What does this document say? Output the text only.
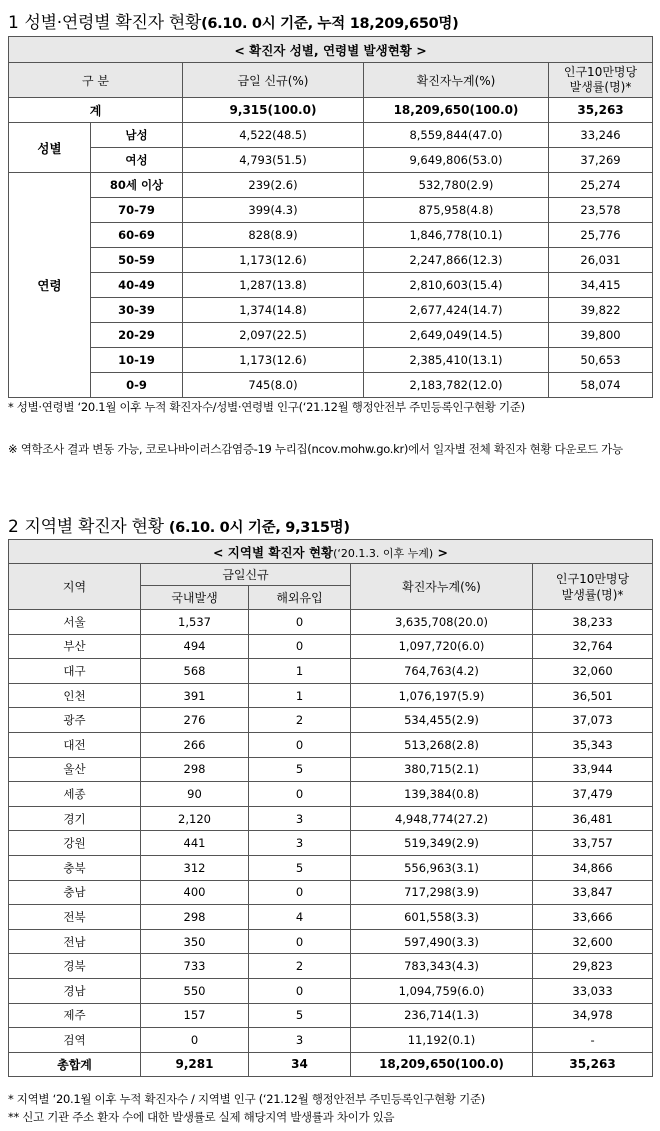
1 성별·연령별 확진자 현황(6.10. 0시 기준, 누적 18,209,650명)
< 확진자 성별, 연령별 발생현황 >				
구 분		금일 신규(%)	확진자누계(%)	인구10만명당
발생률(명)*
계		9,315(100.0)	18,209,650(100.0)	35,263
성별	남성	4,522(48.5)	8,559,844(47.0)	33,246
	여성	4,793(51.5)	9,649,806(53.0)	37,269
연령	80세 이상	239(2.6)	532,780(2.9)	25,274
	70-79	399(4.3)	875,958(4.8)	23,578
	60-69	828(8.9)	1,846,778(10.1)	25,776
	50-59	1,173(12.6)	2,247,866(12.3)	26,031
	40-49	1,287(13.8)	2,810,603(15.4)	34,415
	30-39	1,374(14.8)	2,677,424(14.7)	39,822
	20-29	2,097(22.5)	2,649,049(14.5)	39,800
	10-19	1,173(12.6)	2,385,410(13.1)	50,653
	0-9	745(8.0)	2,183,782(12.0)	58,074
* 성별·연령별 ‘20.1월 이후 누적 확진자수/성별·연령별 인구(‘21.12월 행정안전부 주민등록인구현황 기준)
※ 역학조사 결과 변동 가능, 코로나바이러스감염증-19 누리집(ncov.mohw.go.kr)에서 일자별 전체 확진자 현황 다운로드 가능
2 지역별 확진자 현황 (6.10. 0시 기준, 9,315명)
< 지역별 확진자 현황(‘20.1.3. 이후 누계) >				
지역	금일신규		확진자누계(%)	인구10만명당
발생률(명)*
	국내발생	해외유입		
서울	1,537	0	3,635,708(20.0)	38,233
부산	494	0	1,097,720(6.0)	32,764
대구	568	1	764,763(4.2)	32,060
인천	391	1	1,076,197(5.9)	36,501
광주	276	2	534,455(2.9)	37,073
대전	266	0	513,268(2.8)	35,343
울산	298	5	380,715(2.1)	33,944
세종	90	0	139,384(0.8)	37,479
경기	2,120	3	4,948,774(27.2)	36,481
강원	441	3	519,349(2.9)	33,757
충북	312	5	556,963(3.1)	34,866
충남	400	0	717,298(3.9)	33,847
전북	298	4	601,558(3.3)	33,666
전남	350	0	597,490(3.3)	32,600
경북	733	2	783,343(4.3)	29,823
경남	550	0	1,094,759(6.0)	33,033
제주	157	5	236,714(1.3)	34,978
검역	0	3	11,192(0.1)	-
총합계	9,281	34	18,209,650(100.0)	35,263
* 지역별 ‘20.1월 이후 누적 확진자수 / 지역별 인구 (‘21.12월 행정안전부 주민등록인구현황 기준)
** 신고 기관 주소 환자 수에 대한 발생률로 실제 해당지역 발생률과 차이가 있음
